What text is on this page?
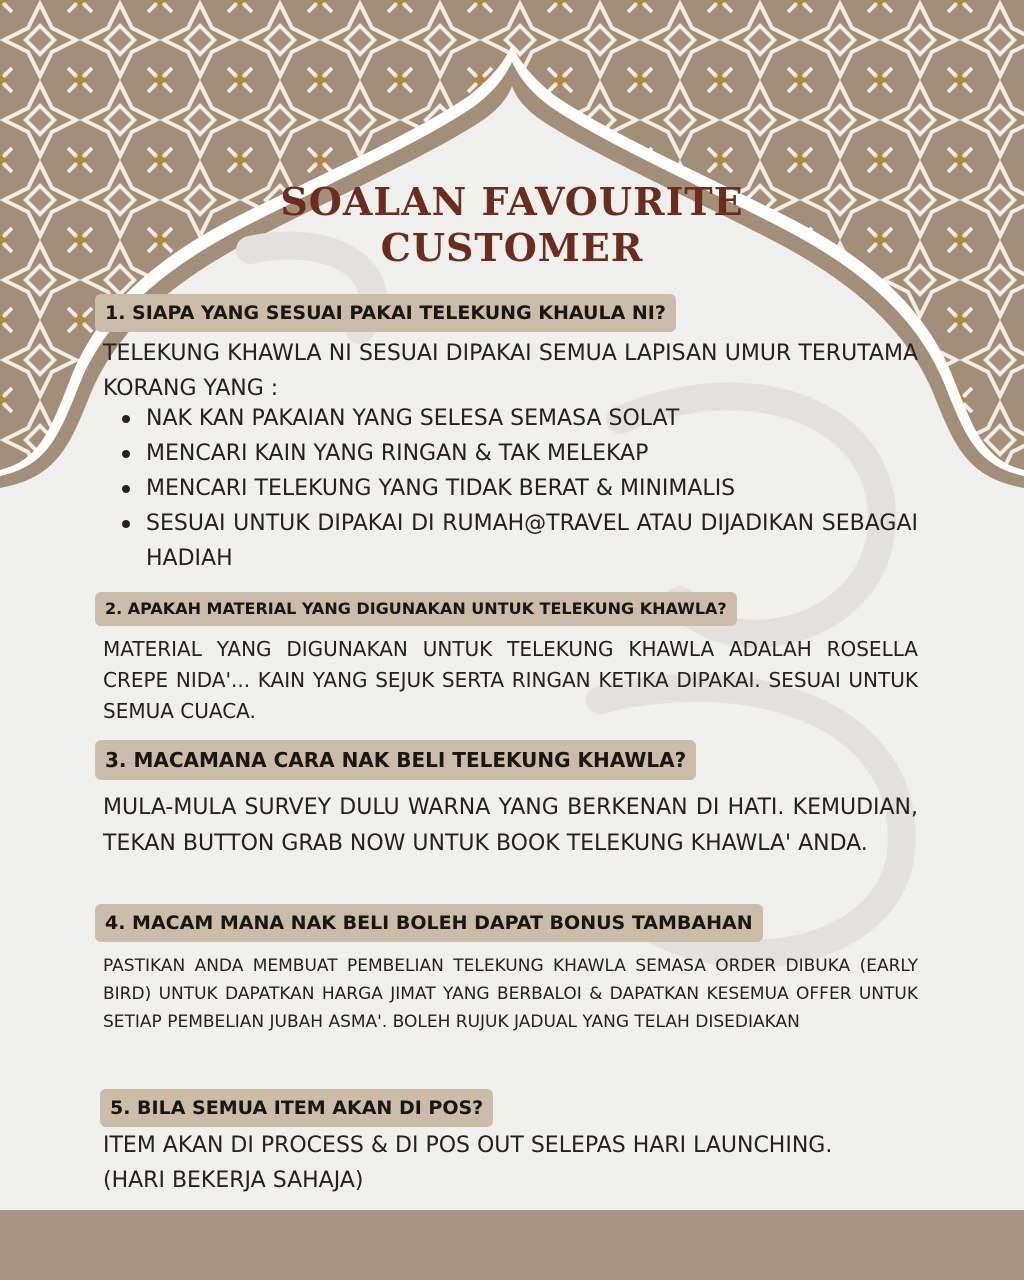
SOALAN FAVOURITE
CUSTOMER
1. SIAPA YANG SESUAI PAKAI TELEKUNG KHAULA NI?
TELEKUNG KHAWLA NI SESUAI DIPAKAI SEMUA LAPISAN UMUR TERUTAMA KORANG YANG :
NAK KAN PAKAIAN YANG SELESA SEMASA SOLAT
MENCARI KAIN YANG RINGAN & TAK MELEKAP
MENCARI TELEKUNG YANG TIDAK BERAT & MINIMALIS
SESUAI UNTUK DIPAKAI DI RUMAH@TRAVEL ATAU DIJADIKAN SEBAGAI HADIAH
2. APAKAH MATERIAL YANG DIGUNAKAN UNTUK TELEKUNG KHAWLA?
MATERIAL YANG DIGUNAKAN UNTUK TELEKUNG KHAWLA ADALAH ROSELLA CREPE NIDA'... KAIN YANG SEJUK SERTA RINGAN KETIKA DIPAKAI. SESUAI UNTUK SEMUA CUACA.
3. MACAMANA CARA NAK BELI TELEKUNG KHAWLA?
MULA-MULA SURVEY DULU WARNA YANG BERKENAN DI HATI. KEMUDIAN, TEKAN BUTTON GRAB NOW UNTUK BOOK TELEKUNG KHAWLA' ANDA.
4. MACAM MANA NAK BELI BOLEH DAPAT BONUS TAMBAHAN
PASTIKAN ANDA MEMBUAT PEMBELIAN TELEKUNG KHAWLA SEMASA ORDER DIBUKA (EARLY BIRD) UNTUK DAPATKAN HARGA JIMAT YANG BERBALOI & DAPATKAN KESEMUA OFFER UNTUK SETIAP PEMBELIAN JUBAH ASMA'. BOLEH RUJUK JADUAL YANG TELAH DISEDIAKAN
5. BILA SEMUA ITEM AKAN DI POS?
ITEM AKAN DI PROCESS & DI POS OUT SELEPAS HARI LAUNCHING.
(HARI BEKERJA SAHAJA)
